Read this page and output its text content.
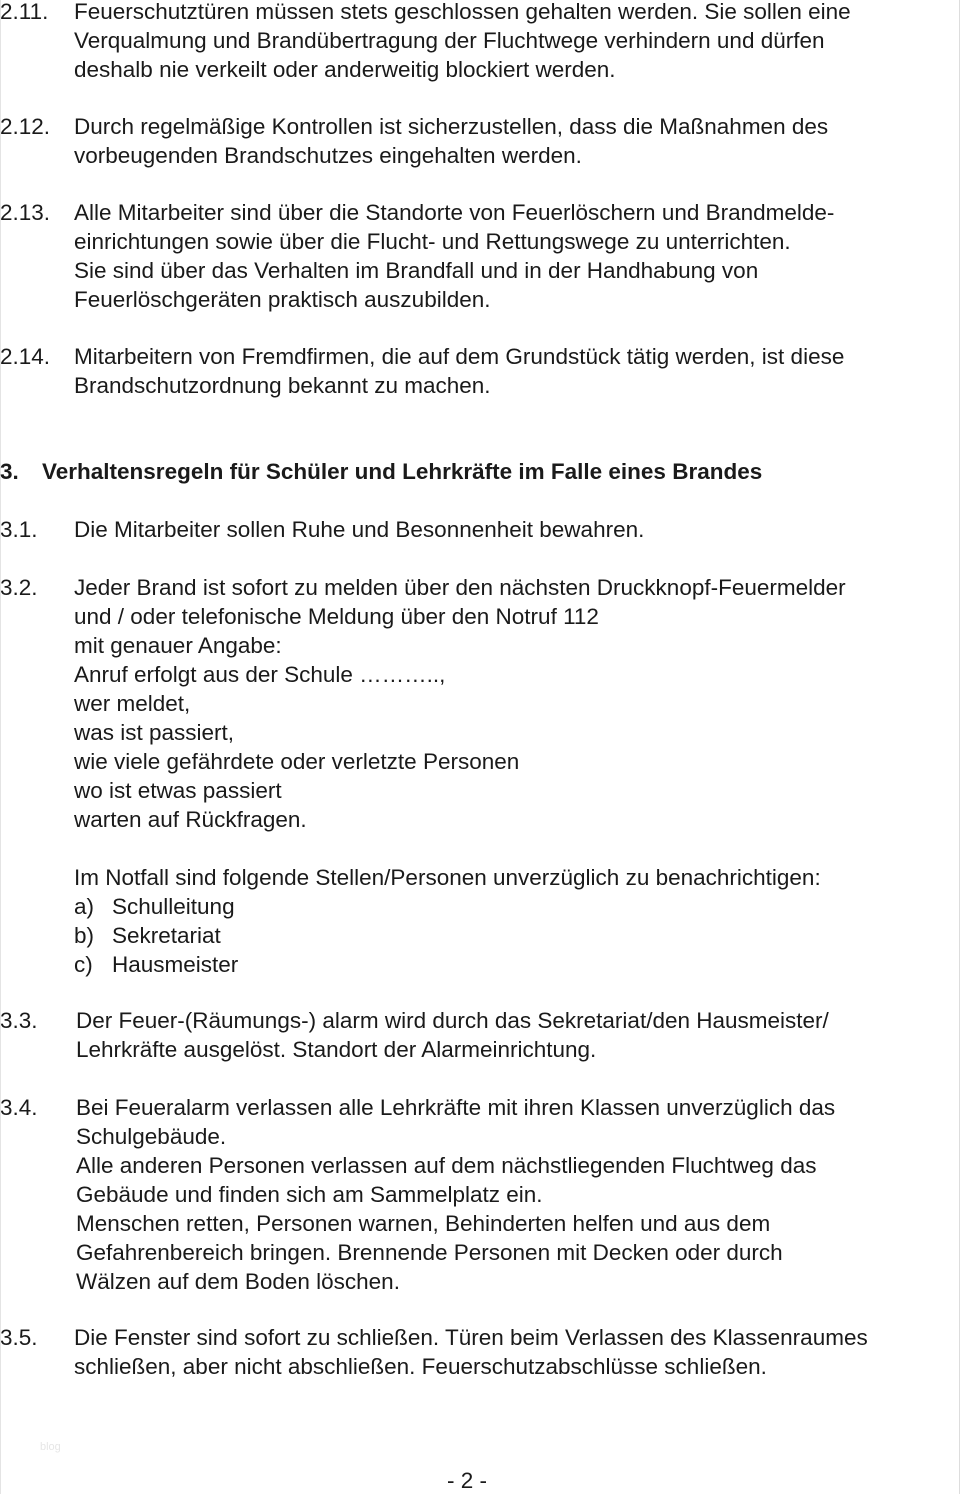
2.11. Feuerschutztüren müssen stets geschlossen gehalten werden. Sie sollen eine
Verqualmung und Brandübertragung der Fluchtwege verhindern und dürfen
deshalb nie verkeilt oder anderweitig blockiert werden.
2.12. Durch regelmäßige Kontrollen ist sicherzustellen, dass die Maßnahmen des
vorbeugenden Brandschutzes eingehalten werden.
2.13. Alle Mitarbeiter sind über die Standorte von Feuerlöschern und Brandmelde-
einrichtungen sowie über die Flucht- und Rettungswege zu unterrichten.
Sie sind über das Verhalten im Brandfall und in der Handhabung von
Feuerlöschgeräten praktisch auszubilden.
2.14. Mitarbeitern von Fremdfirmen, die auf dem Grundstück tätig werden, ist diese
Brandschutzordnung bekannt zu machen.
3. Verhaltensregeln für Schüler und Lehrkräfte im Falle eines Brandes
3.1. Die Mitarbeiter sollen Ruhe und Besonnenheit bewahren.
3.2. Jeder Brand ist sofort zu melden über den nächsten Druckknopf-Feuermelder
und / oder telefonische Meldung über den Notruf 112
mit genauer Angabe:
Anruf erfolgt aus der Schule ………..,
wer meldet,
was ist passiert,
wie viele gefährdete oder verletzte Personen
wo ist etwas passiert
warten auf Rückfragen.
Im Notfall sind folgende Stellen/Personen unverzüglich zu benachrichtigen:
a) Schulleitung
b) Sekretariat
c) Hausmeister
3.3. Der Feuer-(Räumungs-) alarm wird durch das Sekretariat/den Hausmeister/
Lehrkräfte ausgelöst. Standort der Alarmeinrichtung.
3.4. Bei Feueralarm verlassen alle Lehrkräfte mit ihren Klassen unverzüglich das
Schulgebäude.
Alle anderen Personen verlassen auf dem nächstliegenden Fluchtweg das
Gebäude und finden sich am Sammelplatz ein.
Menschen retten, Personen warnen, Behinderten helfen und aus dem
Gefahrenbereich bringen. Brennende Personen mit Decken oder durch
Wälzen auf dem Boden löschen.
3.5. Die Fenster sind sofort zu schließen. Türen beim Verlassen des Klassenraumes
schließen, aber nicht abschließen. Feuerschutzabschlüsse schließen.
blog
- 2 -
